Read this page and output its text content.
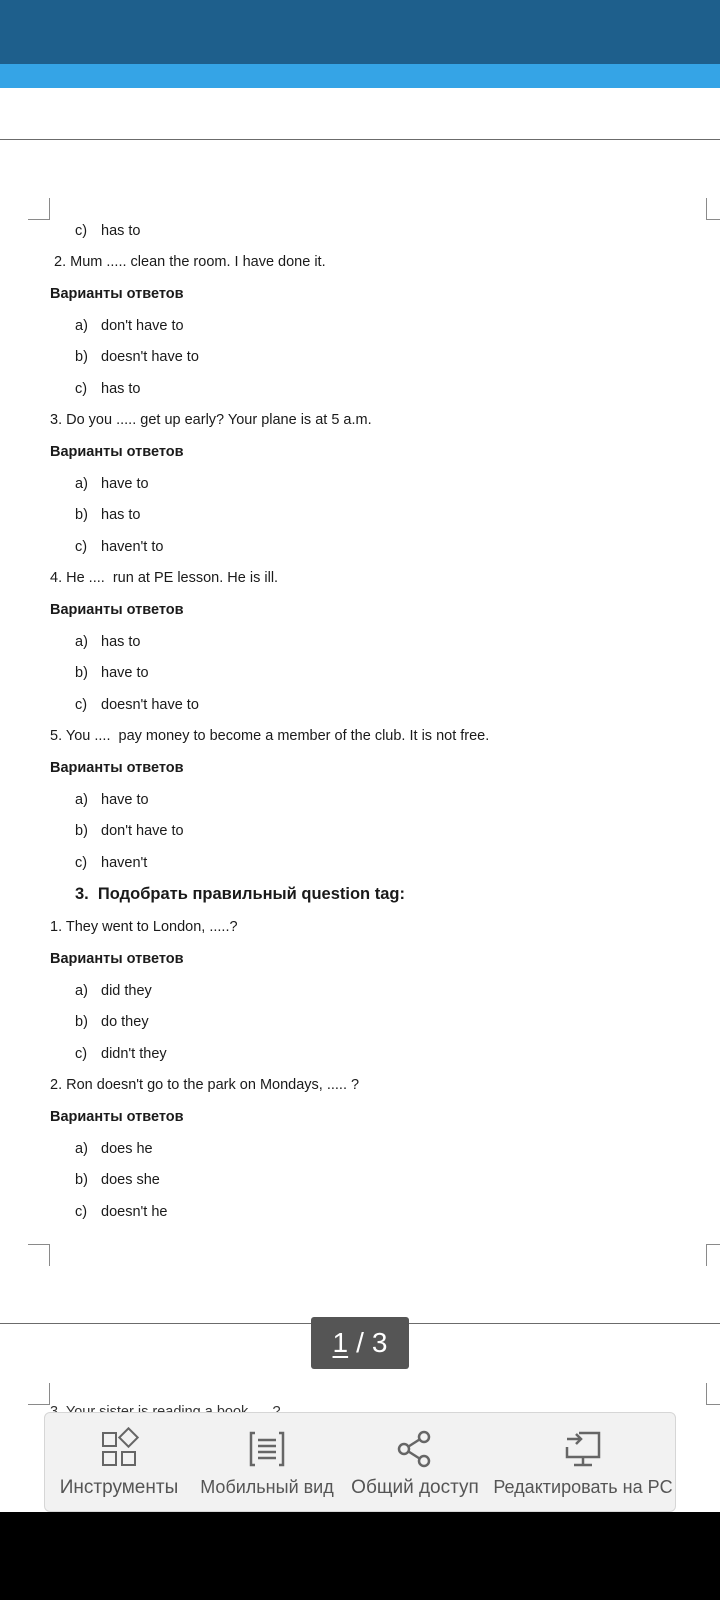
c) has to
2. Mum ..... clean the room. I have done it.
Варианты ответов
a) don't have to
b) doesn't have to
c) has to
3. Do you ..... get up early? Your plane is at 5 a.m.
Варианты ответов
a) have to
b) has to
c) haven't to
4. He ....  run at PE lesson. He is ill.
Варианты ответов
a) has to
b) have to
c) doesn't have to
5. You ....  pay money to become a member of the club. It is not free.
Варианты ответов
a) have to
b) don't have to
c) haven't
3.  Подобрать правильный question tag:
1. They went to London, .....?
Варианты ответов
a) did they
b) do they
c) didn't they
2. Ron doesn't go to the park on Mondays, ..... ?
Варианты ответов
a) does he
b) does she
c) doesn't he
1 / 3
Инструменты Мобильный вид Общий доступ Редактировать на PC
